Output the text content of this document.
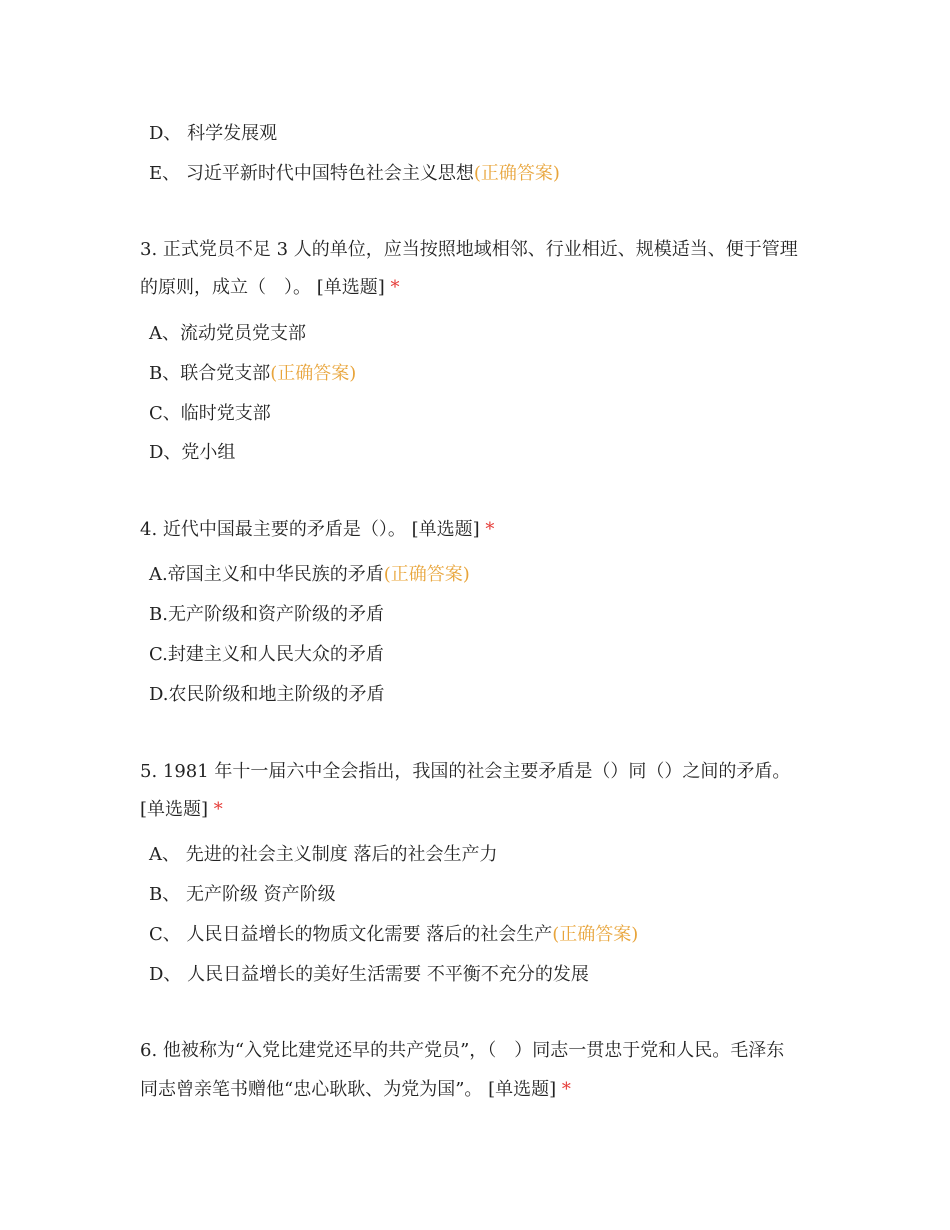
D、 科学发展观
E、 习近平新时代中国特色社会主义思想(正确答案)
3. 正式党员不足 3 人的单位，应当按照地域相邻、行业相近、规模适当、便于管理
的原则，成立（　）。 [单选题] *
A、流动党员党支部
B、联合党支部(正确答案)
C、临时党支部
D、党小组
4. 近代中国最主要的矛盾是（）。 [单选题] *
A.帝国主义和中华民族的矛盾(正确答案)
B.无产阶级和资产阶级的矛盾
C.封建主义和人民大众的矛盾
D.农民阶级和地主阶级的矛盾
5. 1981 年十一届六中全会指出，我国的社会主要矛盾是（）同（）之间的矛盾。
[单选题] *
A、 先进的社会主义制度 落后的社会生产力
B、 无产阶级 资产阶级
C、 人民日益增长的物质文化需要 落后的社会生产(正确答案)
D、 人民日益增长的美好生活需要 不平衡不充分的发展
6. 他被称为“入党比建党还早的共产党员”，（　）同志一贯忠于党和人民。毛泽东
同志曾亲笔书赠他“忠心耿耿、为党为国”。 [单选题] *
